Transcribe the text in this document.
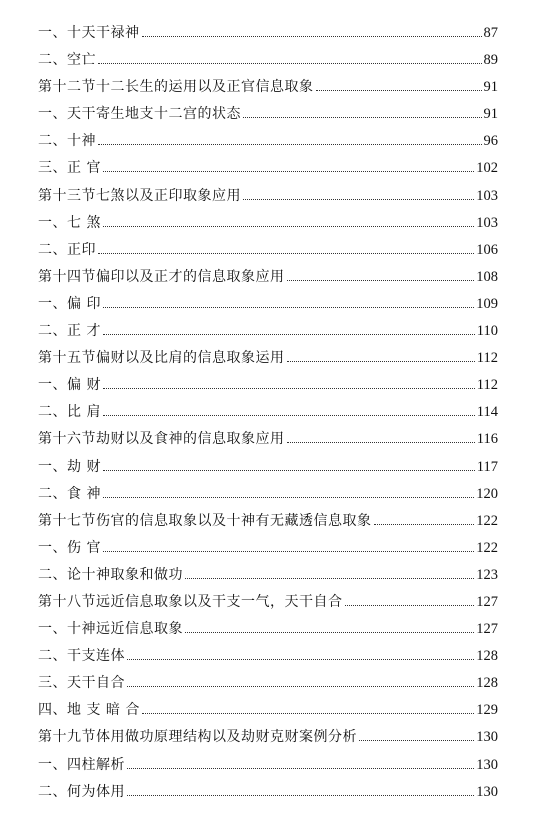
一、十天干禄神	87
二、空亡	89
第十二节十二长生的运用以及正官信息取象	91
一、天干寄生地支十二宫的状态	91
二、十神	96
三、正 官	102
第十三节七煞以及正印取象应用	103
一、七 煞	103
二、正印	106
第十四节偏印以及正才的信息取象应用	108
一、偏 印	109
二、正 才	110
第十五节偏财以及比肩的信息取象运用	112
一、偏 财	112
二、比 肩	114
第十六节劫财以及食神的信息取象应用	116
一、劫 财	117
二、食 神	120
第十七节伤官的信息取象以及十神有无藏透信息取象	122
一、伤 官	122
二、论十神取象和做功	123
第十八节远近信息取象以及干支一气，天干自合	127
一、十神远近信息取象	127
二、干支连体	128
三、天干自合	128
四、地 支 暗 合	129
第十九节体用做功原理结构以及劫财克财案例分析	130
一、四柱解析	130
二、何为体用	130
